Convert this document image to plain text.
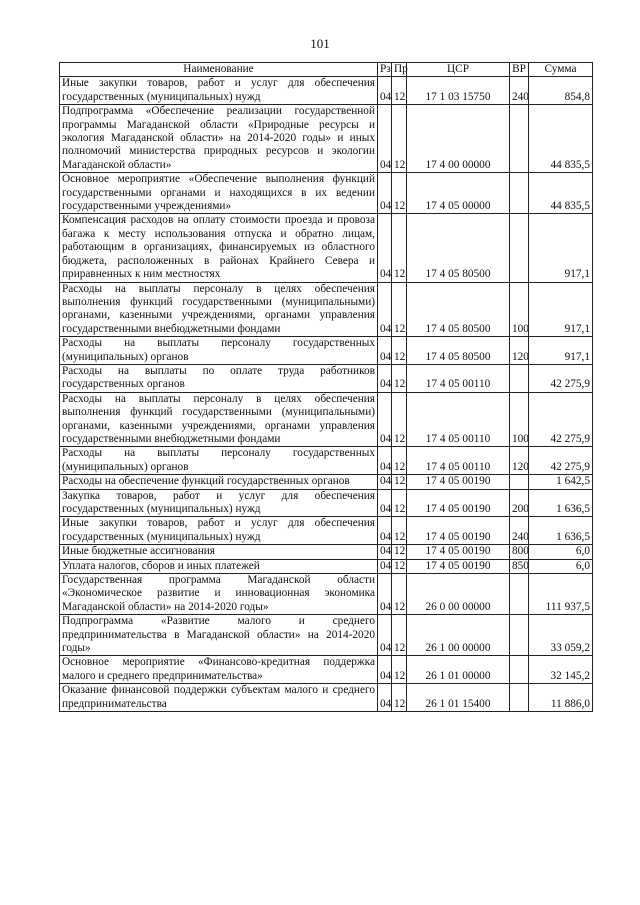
101
Наименование	Рз	Пр	ЦСР	ВР	Сумма
Иные закупки товаров, работ и услуг для обеспечения государственных (муниципальных) нужд	04	12	17 1 03 15750	240	854,8
Подпрограмма «Обеспечение реализации государственной программы Магаданской области «Природные ресурсы и экология Магаданской области» на 2014-2020 годы» и иных полномочий министерства природных ресурсов и экологии Магаданской области»	04	12	17 4 00 00000		44 835,5
Основное мероприятие «Обеспечение выполнения функций государственными органами и находящихся в их ведении государственными учреждениями»	04	12	17 4 05 00000		44 835,5
Компенсация расходов на оплату стоимости проезда и провоза багажа к месту использования отпуска и обратно лицам, работающим в организациях, финансируемых из областного бюджета, расположенных в районах Крайнего Севера и приравненных к ним местностях	04	12	17 4 05 80500		917,1
Расходы на выплаты персоналу в целях обеспечения выполнения функций государственными (муниципальными) органами, казенными учреждениями, органами управления государственными внебюджетными фондами	04	12	17 4 05 80500	100	917,1
Расходы на выплаты персоналу государственных (муниципальных) органов	04	12	17 4 05 80500	120	917,1
Расходы на выплаты по оплате труда работников государственных органов	04	12	17 4 05 00110		42 275,9
Расходы на выплаты персоналу в целях обеспечения выполнения функций государственными (муниципальными) органами, казенными учреждениями, органами управления государственными внебюджетными фондами	04	12	17 4 05 00110	100	42 275,9
Расходы на выплаты персоналу государственных (муниципальных) органов	04	12	17 4 05 00110	120	42 275,9
Расходы на обеспечение функций государственных органов	04	12	17 4 05 00190		1 642,5
Закупка товаров, работ и услуг для обеспечения государственных (муниципальных) нужд	04	12	17 4 05 00190	200	1 636,5
Иные закупки товаров, работ и услуг для обеспечения государственных (муниципальных) нужд	04	12	17 4 05 00190	240	1 636,5
Иные бюджетные ассигнования	04	12	17 4 05 00190	800	6,0
Уплата налогов, сборов и иных платежей	04	12	17 4 05 00190	850	6,0
Государственная программа Магаданской области «Экономическое развитие и инновационная экономика Магаданской области» на 2014-2020 годы»	04	12	26 0 00 00000		111 937,5
Подпрограмма «Развитие малого и среднего предпринимательства в Магаданской области» на 2014-2020 годы»	04	12	26 1 00 00000		33 059,2
Основное мероприятие «Финансово-кредитная поддержка малого и среднего предпринимательства»	04	12	26 1 01 00000		32 145,2
Оказание финансовой поддержки субъектам малого и среднего предпринимательства	04	12	26 1 01 15400		11 886,0
